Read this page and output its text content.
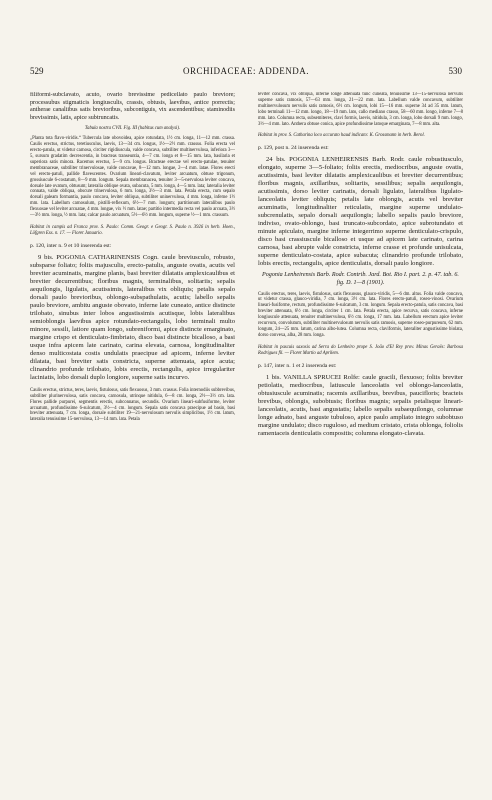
529	ORCHIDACEAE: ADDENDA.	530

filiformi-subclavato, acuto, ovario brevissime pedicellato paulo breviore; processubus stigmaticis longiusculis, crassis, obtusis, laevibus, antice porrectis; antherae canaliibus satis brevioribus, subcontiguis, vix ascendentibus; staminodiis brevissimis, latis, apice subtruncatis.

Tabula nostra CVII. Fig. III (habitus cum analysi).

„Planta tota flavo-viridis.“ Tubercula late obovoidea, apice rotundata, 1½ cm. longa, 11—12 mm. crassa. Caulis erectus, strictus, teretiusculus, laevis, 13—34 cm. longus, 1½—2½ mm. crassus. Folia erecta vel erecto-patula, ut videtur carnosa, circiter rigidiuscula, valde concava, subtiliter multinervulosa, inferiora 3—5, sursum gradatim decrescentia, in bracteas transeuntia, 4—7 cm. longa et 8—15 mm. lata, basilaria et superiora satis minora. Racemus erectus, 5—9 cm. longus. Bracteae erectae vel erecto-patulae, tenuiter membranaceae, subtiliter trinervulosae, valde concavae, 8—12 mm. longae, 2—4 mm. latae. Flores erecti vel erecto-patuli, pallide flavescentes. Ovarium lineari-clavatum, leviter arcuatum, obtuse trigonum, grossiuscule 6-costatum, 8—9 mm. longum. Sepala membranacea, tenuiter 3—5-nervulosa leviter concava, dorsale late ovatum, obtusum; lateralia oblique ovata, subacuta, 5 mm. longa, 4—5 mm. lata; lateralia leviter connata, valde obliqua, obscure trinervulosa, 6 mm. longa, 3½—3 mm. lata. Petala erecta, cum sepalo dorsali galeam formantia, paulo concava, leviter obliqua, subtiliter uninervulosa, 4 mm. longa, inferne 1½ mm. lata. Labellum carnosulum, pistilli-reflexum, 6½—7 mm. longum; partitionum lateralibus paulo flexuosae vel leviter arcuatae, 4 mm. longae, vix ½ mm. latae; partitio intermedia recta vel paulo arcuata, 3½—3½ mm. longa, ½ mm. lata; calcar paulo arcuatum, 5½—6½ mm. longum, superne ½—1 mm. crassum.

Habitat in campis ad Franca prov. S. Paulo: Comm. Geogr. e Geogr. S. Paulo n. 3926 in herb. Hoen., Löfgren Exs. n. 17. — Floret Januario.

p. 120, inter n. 9 et 10 inserenda est:

9 bis. POGONIA CATHARINENSIS Cogn. caule breviusculo, robusto, subsparse foliato; foliis majusculis, erecto-patulis, anguste ovatis, acutis vel breviter acuminatis, margine planis, basi breviter dilatatis amplexicaulibus et breviter decurrentibus; floribus magnis, terminalibus, solitariis; sepalis aequilongis, ligulatis, acutissimis, lateralibus vix obliquis; petalis sepalo dorsali paulo brevioribus, oblongo-subspathulatis, acutis; labello sepalis paulo breviore, ambitu anguste obovato, inferne late cuneato, antice distincte trilobato, sinubus inter lobos angustissimis acutisque, lobis lateralibus semioblongis laevibus apice rotundato-rectangulis, lobo terminali multo minore, sessili, latiore quam longo, subreniformi, apice distincte emarginato, margine crispo et denticulato-fimbriato, disco basi distincte bicalloso, a basi usque infra apicem late carinato, carina elevata, carnosa, longitudinaliter denso multicostata costis undulatis praecipue ad apicem, inferne leviter dilatata, basi breviter satis constricta, superne attenuata, apice acuta; clinandrio profunde trilobato, lobis erectis, rectangulis, apice irregulariter laciniatis, lobo dorsali duplo longiore, superne satis incurvo.

Caulis erectus, strictus, teres, laevis, fistulosus, satis flexuosus, 3 mm. crassus. Folia internodiis subbrevibus, subtiliter plurinervulosa, satis concava, carnosula, utrinque nitidula, 6—8 cm. longa, 2½—3½ cm. lata. Flores pallide purpurei, segmentis erectis, subconnatus, secundis. Ovarium lineari-subfusiforme, leviter arcuatum, profundissime 6-sulcatum, 3½—4 cm. longum. Sepala satis concava praecipue ad basin, basi breviter attenuata, 7 cm. longa, dorsale subtiliter 19—21-nervulosum nervulis simplicibus, 1½ cm. latum, lateralia tenuissime 15-nervulosa, 13—14 mm. lata. Petala

leviter concava, vix obliqua, inferne longe attenuata tunc cuneata, tenuissime 13—15-nervulosa nervulis superne satis ramosis, 57—63 mm. longa, 21—22 mm. lata. Labellum valde concavum, subtiliter multinervulosum nervulis satis ramosis, 6½ cm. longum, lobi 15—16 mm. superne 34 ad 35 mm. latum, lobo terminali 11—12 mm. longo, 18—19 mm. lato, callo mediano crasso, 58—60 mm. longo, inferne 7—8 mm. lato. Columna recta, subsemiteres, clavi formis, laevis, nitidula, 3 cm. longa, lobo dorsali 9 mm. longo, 3½—4 mm. lato. Anthera obtuse conica, apice profundissime latoque emarginata, 7—8 mm. alta.

Habitat in prov. S. Catharina loco accurato haud indicato: K. Grossmann in herb. Berol.

p. 129, post n. 24 inserenda est:

24 bis. POGONIA LENHEIRENSIS Barb. Rodr. caule robustiusculo, elongato, superne 3—5-foliato; foliis erectis, mediocribus, anguste ovatis, acutissimis, basi leviter dilatatis amplexicaulibus et breviter decurrentibus; floribus magnis, axillaribus, solitariis, sessilibus; sepalis aequilongis, acutissimis, dorso leviter carinatis, dorsali ligulato, lateralibus ligulato-lanceolatis leviter obliquis; petalis late oblongis, acutis vel breviter acuminatis, longitudinaliter reticulatis, margine superne undulato-subcrenulatis, sepalo dorsali aequilongis; labello sepalis paulo breviore, indiviso, ovato-oblongo, basi truncato-subcordato, apice subrotundato et minute apiculato, margine inferne integerrimo superne denticulato-crispulo, disco basi crassiuscule bicalloso et usque ad apicem late carinato, carina carnosa, basi abrupte valde constricta, inferne crasse et profunde unisulcata, superne denticulato-costata, apice subacuta; clinandrio profunde trilobato, lobis erectis, rectangulis, apice denticulatis, dorsali paulo longiore.

Pogonia Lenheirensis Barb. Rodr. Contrib. Jard. Bot. Rio I. part. 2. p. 47. tab. 6. fig. D. 1—8 (1901).

Caulis erectus, teres, laevis, fistulosus, satis flexuosus, glauco-viridis, 5—6 dm. altus. Folia valde concava, ut videtur crassa, glauco-viridia, 7 cm. longa, 3½ cm. lata. Flores erecto-patuli, roseo-vinosi. Ovarium lineari-fusiforme, rectum, profundissime 6-sulcatum, 3 cm. longum. Sepala erecto-patula, satis concava, basi breviter attenuata, 6½ cm. longa, circiter 1 cm. lata. Petala erecta, apice recurva, satis concava, inferne longiuscule attenuata, tenuiter multinervulosa, 6½ cm. longa, 17 mm. lata. Labellum erectum apice leviter recurvum, convolutum, subtiliter multinervulosum nervulis satis ramosis, superne roseo-purpureum, 62 mm. longum, 24—25 mm. latum, carina albo-lutea. Columna recta, claviformis, lateraliter angustissime biolata, dorso convexa, alba, 28 mm. longa.

Habitat in pascuis saxosis ad Serra do Lenheiro prope S. João d'El Rey prov. Minas Geraës: Barbosa Rodrigues fil. — Floret Martio ad Aprilem.

p. 147, inter n. 1 et 2 inserenda est:

1 bis. VANILLA SPRUCEI Rolfe: caule gracili, flexuoso; foliis breviter petiolatis, mediocribus, latiuscule lanceolatis vel oblongo-lanceolatis, obtusiuscule acuminatis; racemis axillaribus, brevibus, paucifloris; bracteis brevibus, oblongis, subobtusis; floribus magnis; sepalis petalisque lineari-lanceolatis, acutis, basi angustatis; labello sepalis subaequilongo, columnae longe adnato, basi anguste tubuloso, apice paulo ampliato integro subobtuso margine undulato; disco ruguloso, ad medium cristato, crista oblonga, foliolis ramentaceis denticulatis compositis; columna elongato-clavata.
